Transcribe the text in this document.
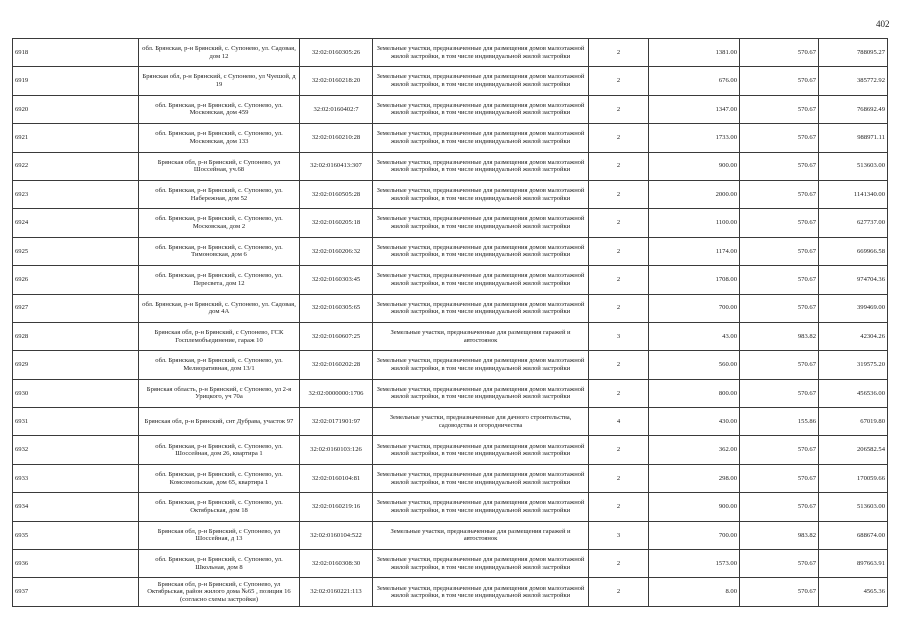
402
6918	обл. Брянская, р-н Брянский, с. Супонево, ул. Садовая, дом 12	32:02:0160305:26	Земельные участки, предназначенные для размещения домов малоэтажной жилой застройки, в том числе индивидуальной жилой застройки	2	1381.00	570.67	788095.27
6919	Брянская обл, р-н Брянский, с Супонево, ул Чуешой, д 19	32:02:0160218:20	Земельные участки, предназначенные для размещения домов малоэтажной жилой застройки, в том числе индивидуальной жилой застройки	2	676.00	570.67	385772.92
6920	обл. Брянская, р-н Брянский, с. Супонево, ул. Московская, дом 459	32:02:0160402:7	Земельные участки, предназначенные для размещения домов малоэтажной жилой застройки, в том числе индивидуальной жилой застройки	2	1347.00	570.67	768692.49
6921	обл. Брянская, р-н Брянский, с. Супонево, ул. Московская, дом 133	32:02:0160210:28	Земельные участки, предназначенные для размещения домов малоэтажной жилой застройки, в том числе индивидуальной жилой застройки	2	1733.00	570.67	988971.11
6922	Брянская обл, р-н Брянский, с Супонево, ул Шоссейная, уч.68	32:02:0160413:307	Земельные участки, предназначенные для размещения домов малоэтажной жилой застройки, в том числе индивидуальной жилой застройки	2	900.00	570.67	513603.00
6923	обл. Брянская, р-н Брянский, с. Супонево, ул. Набережная, дом 52	32:02:0160505:28	Земельные участки, предназначенные для размещения домов малоэтажной жилой застройки, в том числе индивидуальной жилой застройки	2	2000.00	570.67	1141340.00
6924	обл. Брянская, р-н Брянский, с. Супонево, ул. Московская, дом 2	32:02:0160205:18	Земельные участки, предназначенные для размещения домов малоэтажной жилой застройки, в том числе индивидуальной жилой застройки	2	1100.00	570.67	627737.00
6925	обл. Брянская, р-н Брянский, с. Супонево, ул. Тимоновская, дом 6	32:02:0160206:32	Земельные участки, предназначенные для размещения домов малоэтажной жилой застройки, в том числе индивидуальной жилой застройки	2	1174.00	570.67	669966.58
6926	обл. Брянская, р-н Брянский, с. Супонево, ул. Пересвета, дом 12	32:02:0160303:45	Земельные участки, предназначенные для размещения домов малоэтажной жилой застройки, в том числе индивидуальной жилой застройки	2	1708.00	570.67	974704.36
6927	обл. Брянская, р-н Брянский, с. Супонево, ул. Садовая, дом 4А	32:02:0160305:65	Земельные участки, предназначенные для размещения домов малоэтажной жилой застройки, в том числе индивидуальной жилой застройки	2	700.00	570.67	399469.00
6928	Брянская обл, р-н Брянский, с Супонево, ГСК Госплемобъединение, гараж 10	32:02:0160607:25	Земельные участки, предназначенные для размещения гаражей и автостоянок	3	43.00	983.82	42304.26
6929	обл. Брянская, р-н Брянский, с. Супонево, ул. Мелиоративная, дом 13/1	32:02:0160202:28	Земельные участки, предназначенные для размещения домов малоэтажной жилой застройки, в том числе индивидуальной жилой застройки	2	560.00	570.67	319575.20
6930	Брянская область, р-н Брянский, с Супонево, ул 2-я Урицкого, уч 70а	32:02:0000000:1706	Земельные участки, предназначенные для размещения домов малоэтажной жилой застройки, в том числе индивидуальной жилой застройки	2	800.00	570.67	456536.00
6931	Брянская обл, р-н Брянский, снт Дубрава, участок 97	32:02:0171901:97	Земельные участки, предназначенные для дачного строительства, садоводства и огородничества	4	430.00	155.86	67019.80
6932	обл. Брянская, р-н Брянский, с. Супонево, ул. Шоссейная, дом 26, квартира 1	32:02:0160103:126	Земельные участки, предназначенные для размещения домов малоэтажной жилой застройки, в том числе индивидуальной жилой застройки	2	362.00	570.67	206582.54
6933	обл. Брянская, р-н Брянский, с. Супонево, ул. Комсомольская, дом 65, квартира 1	32:02:0160104:81	Земельные участки, предназначенные для размещения домов малоэтажной жилой застройки, в том числе индивидуальной жилой застройки	2	298.00	570.67	170059.66
6934	обл. Брянская, р-н Брянский, с. Супонево, ул. Октябрьская, дом 18	32:02:0160219:16	Земельные участки, предназначенные для размещения домов малоэтажной жилой застройки, в том числе индивидуальной жилой застройки	2	900.00	570.67	513603.00
6935	Брянская обл, р-н Брянский, с Супонево, ул Шоссейная, д 13	32:02:0160104:522	Земельные участки, предназначенные для размещения гаражей и автостоянок	3	700.00	983.82	688674.00
6936	обл. Брянская, р-н Брянский, с. Супонево, ул. Школьная, дом 8	32:02:0160308:30	Земельные участки, предназначенные для размещения домов малоэтажной жилой застройки, в том числе индивидуальной жилой застройки	2	1573.00	570.67	897663.91
6937	Брянская обл, р-н Брянский, с Супонево, ул Октябрьская, район жилого дома №65 , позиция 16 (согласно схемы застройки)	32:02:0160221:113	Земельные участки, предназначенные для размещения домов малоэтажной жилой застройки, в том числе индивидуальной жилой застройки	2	8.00	570.67	4565.36
